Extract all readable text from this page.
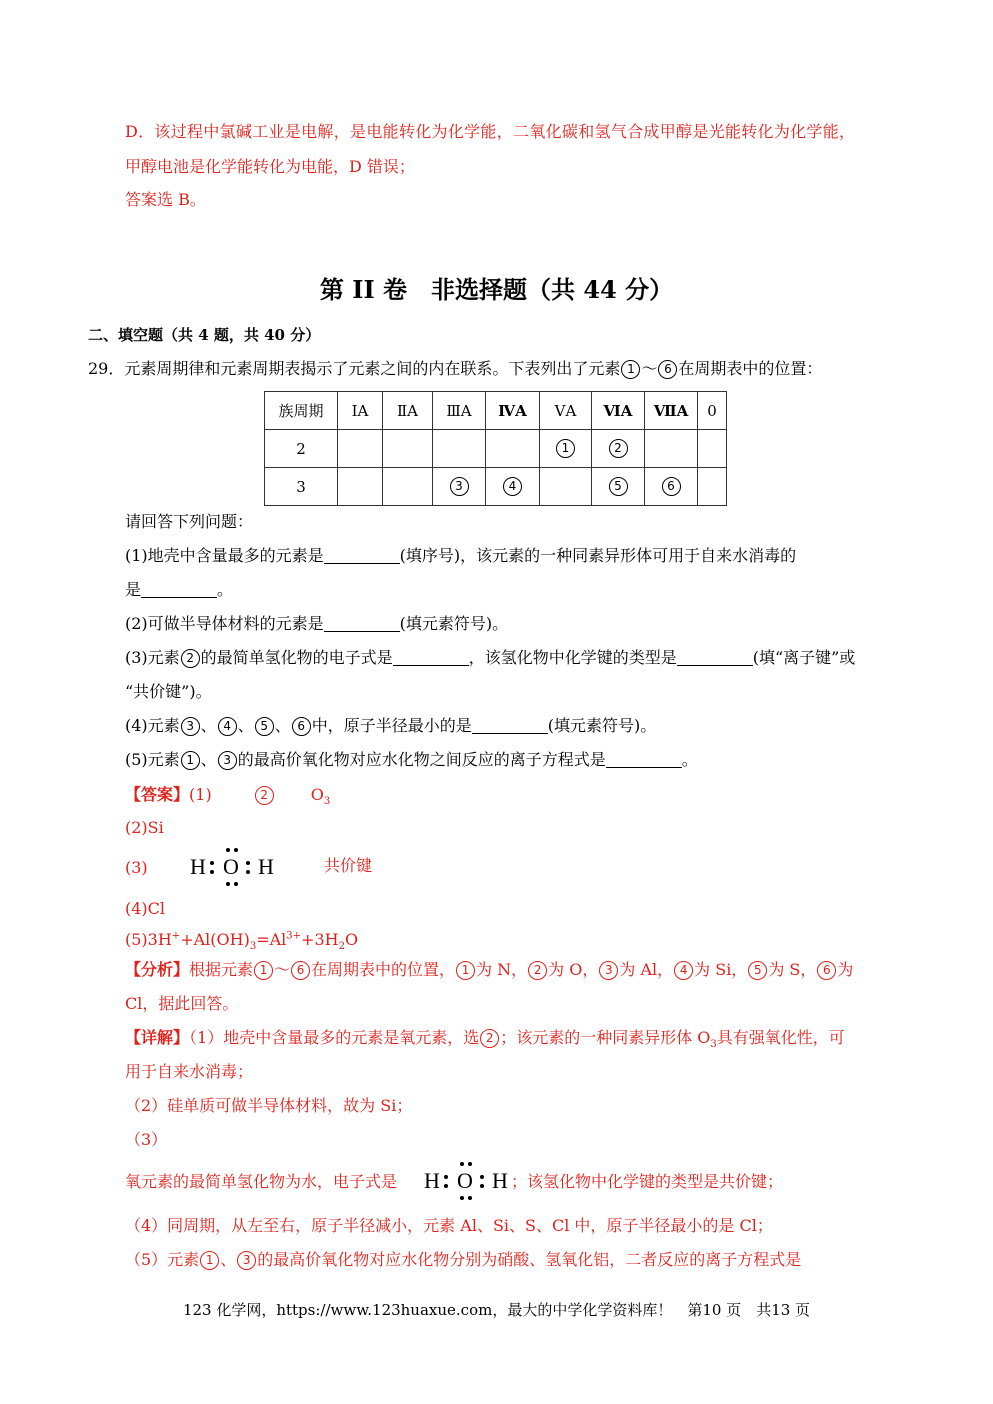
D．该过程中氯碱工业是电解，是电能转化为化学能，二氧化碳和氢气合成甲醇是光能转化为化学能，
甲醇电池是化学能转化为电能，D 错误；
答案选 B。
第 II 卷　非选择题（共 44 分）
二、填空题（共 4 题，共 40 分）
29．元素周期律和元素周期表揭示了元素之间的内在联系。下表列出了元素 1 ～ 6 在周期表中的位置：
族周期	ⅠA	ⅡA	ⅢA	ⅣA	ⅤA	ⅥA	ⅦA	0
2					1	2		
3			3	4		5	6	
请回答下列问题：
(1)地壳中含量最多的元素是	(填序号)，该元素的一种同素异形体可用于自来水消毒的
是	。
(2)可做半导体材料的元素是	(填元素符号)。
(3)元素 2 的最简单氢化物的电子式是	，该氢化物中化学键的类型是	(填“离子键”或
“共价键”)。
(4)元素 3 、 4 、 5 、 6 中，原子半径最小的是	(填元素符号)。
(5)元素 1 、 3 的最高价氧化物对应水化物之间反应的离子方程式是	。
【答案】(1)	2	$O_3$
(2)Si
(3) H O H	共价键
(4)Cl
$(5)3H^++Al(OH)_3=Al^{3+}+3H_2O$
【分析】根据元素 1 ～ 6 在周期表中的位置， 1 为 N， 2 为 O， 3 为 Al， 4 为 Si， 5 为 S， 6 为
Cl，据此回答。
【详解】（1）地壳中含量最多的元素是氧元素，选 2 ；该元素的一种同素异形体 $O_3$具有强氧化性，可
用于自来水消毒；
（2）硅单质可做半导体材料，故为 Si；
（3）
氧元素的最简单氢化物为水，电子式是 H O H ；该氢化物中化学键的类型是共价键；
（4）同周期，从左至右，原子半径减小，元素 Al、Si、S、Cl 中，原子半径最小的是 Cl；
（5）元素 1 、 3 的最高价氧化物对应水化物分别为硝酸、氢氧化铝，二者反应的离子方程式是
123 化学网，https://www.123huaxue.com，最大的中学化学资料库！　第10 页　共13 页
